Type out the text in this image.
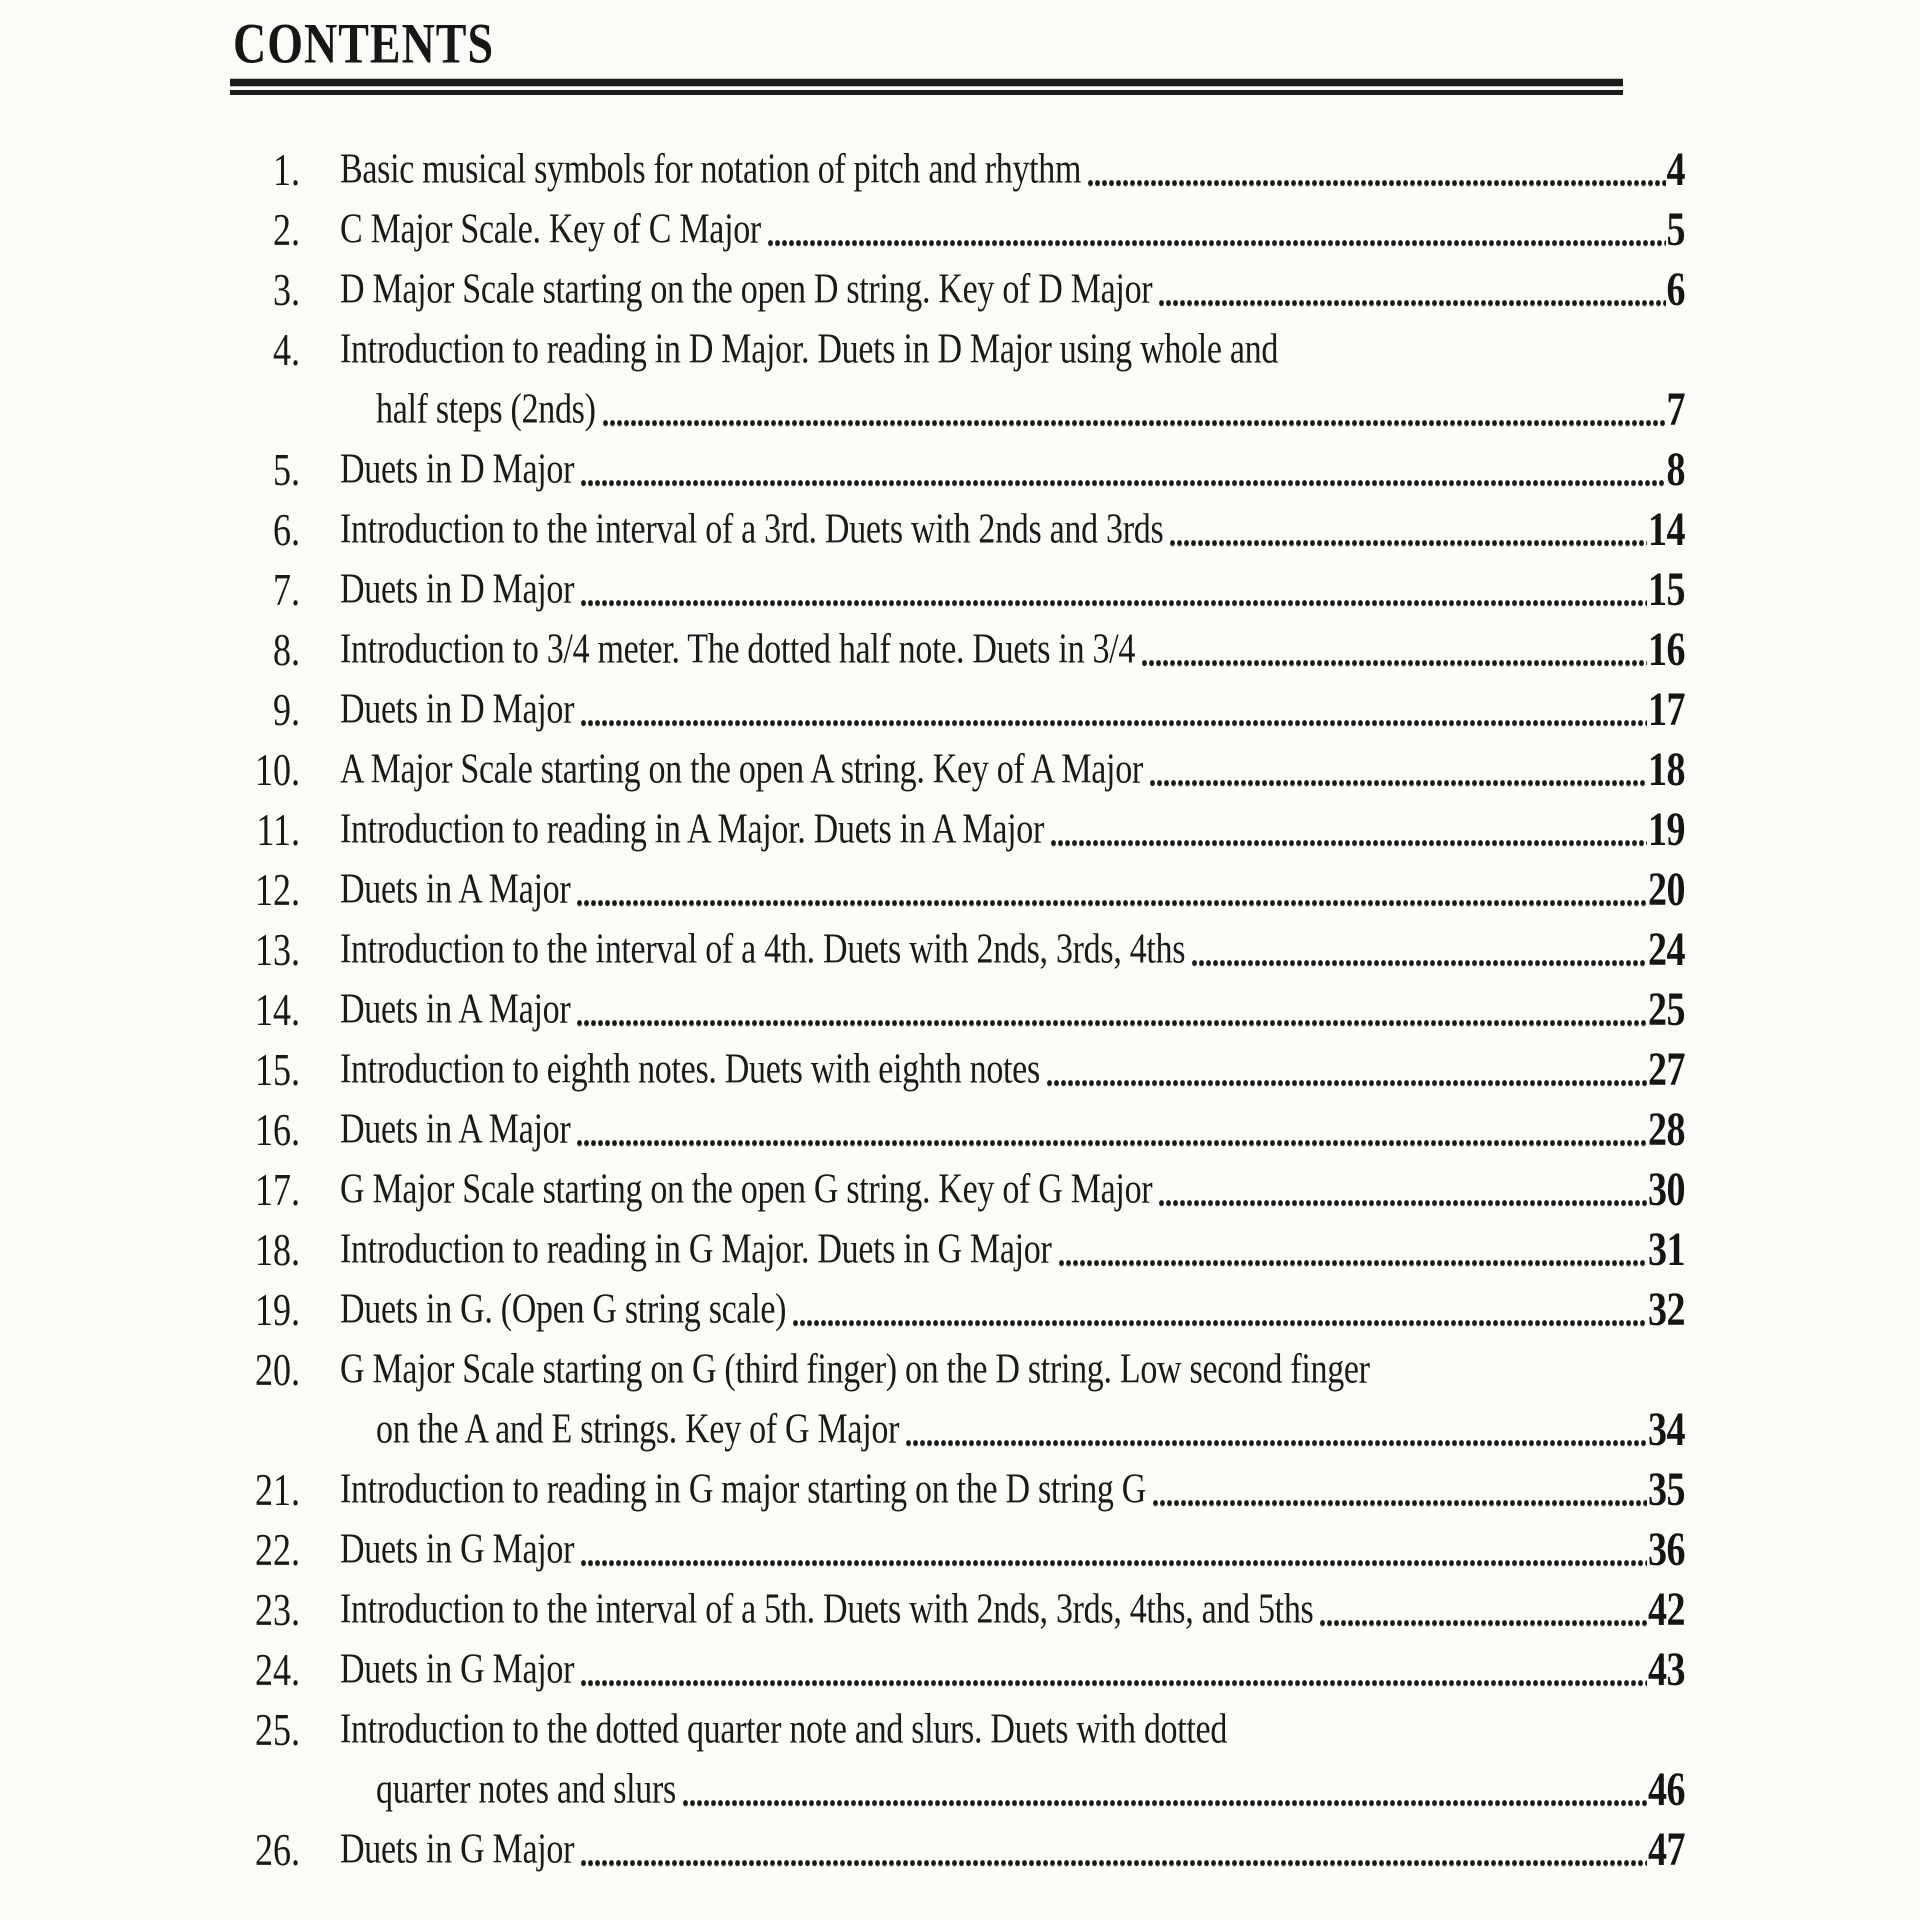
CONTENTS
1. Basic musical symbols for notation of pitch and rhythm	4
2. C Major Scale. Key of C Major	5
3. D Major Scale starting on the open D string. Key of D Major	6
4. Introduction to reading in D Major. Duets in D Major using whole and
half steps (2nds)	7
5. Duets in D Major	8
6. Introduction to the interval of a 3rd. Duets with 2nds and 3rds	14
7. Duets in D Major	15
8. Introduction to 3/4 meter. The dotted half note. Duets in 3/4	16
9. Duets in D Major	17
10. A Major Scale starting on the open A string. Key of A Major	18
11. Introduction to reading in A Major. Duets in A Major	19
12. Duets in A Major	20
13. Introduction to the interval of a 4th. Duets with 2nds, 3rds, 4ths	24
14. Duets in A Major	25
15. Introduction to eighth notes. Duets with eighth notes	27
16. Duets in A Major	28
17. G Major Scale starting on the open G string. Key of G Major	30
18. Introduction to reading in G Major. Duets in G Major	31
19. Duets in G. (Open G string scale)	32
20. G Major Scale starting on G (third finger) on the D string. Low second finger
on the A and E strings. Key of G Major	34
21. Introduction to reading in G major starting on the D string G	35
22. Duets in G Major	36
23. Introduction to the interval of a 5th. Duets with 2nds, 3rds, 4ths, and 5ths	42
24. Duets in G Major	43
25. Introduction to the dotted quarter note and slurs. Duets with dotted
quarter notes and slurs	46
26. Duets in G Major	47
